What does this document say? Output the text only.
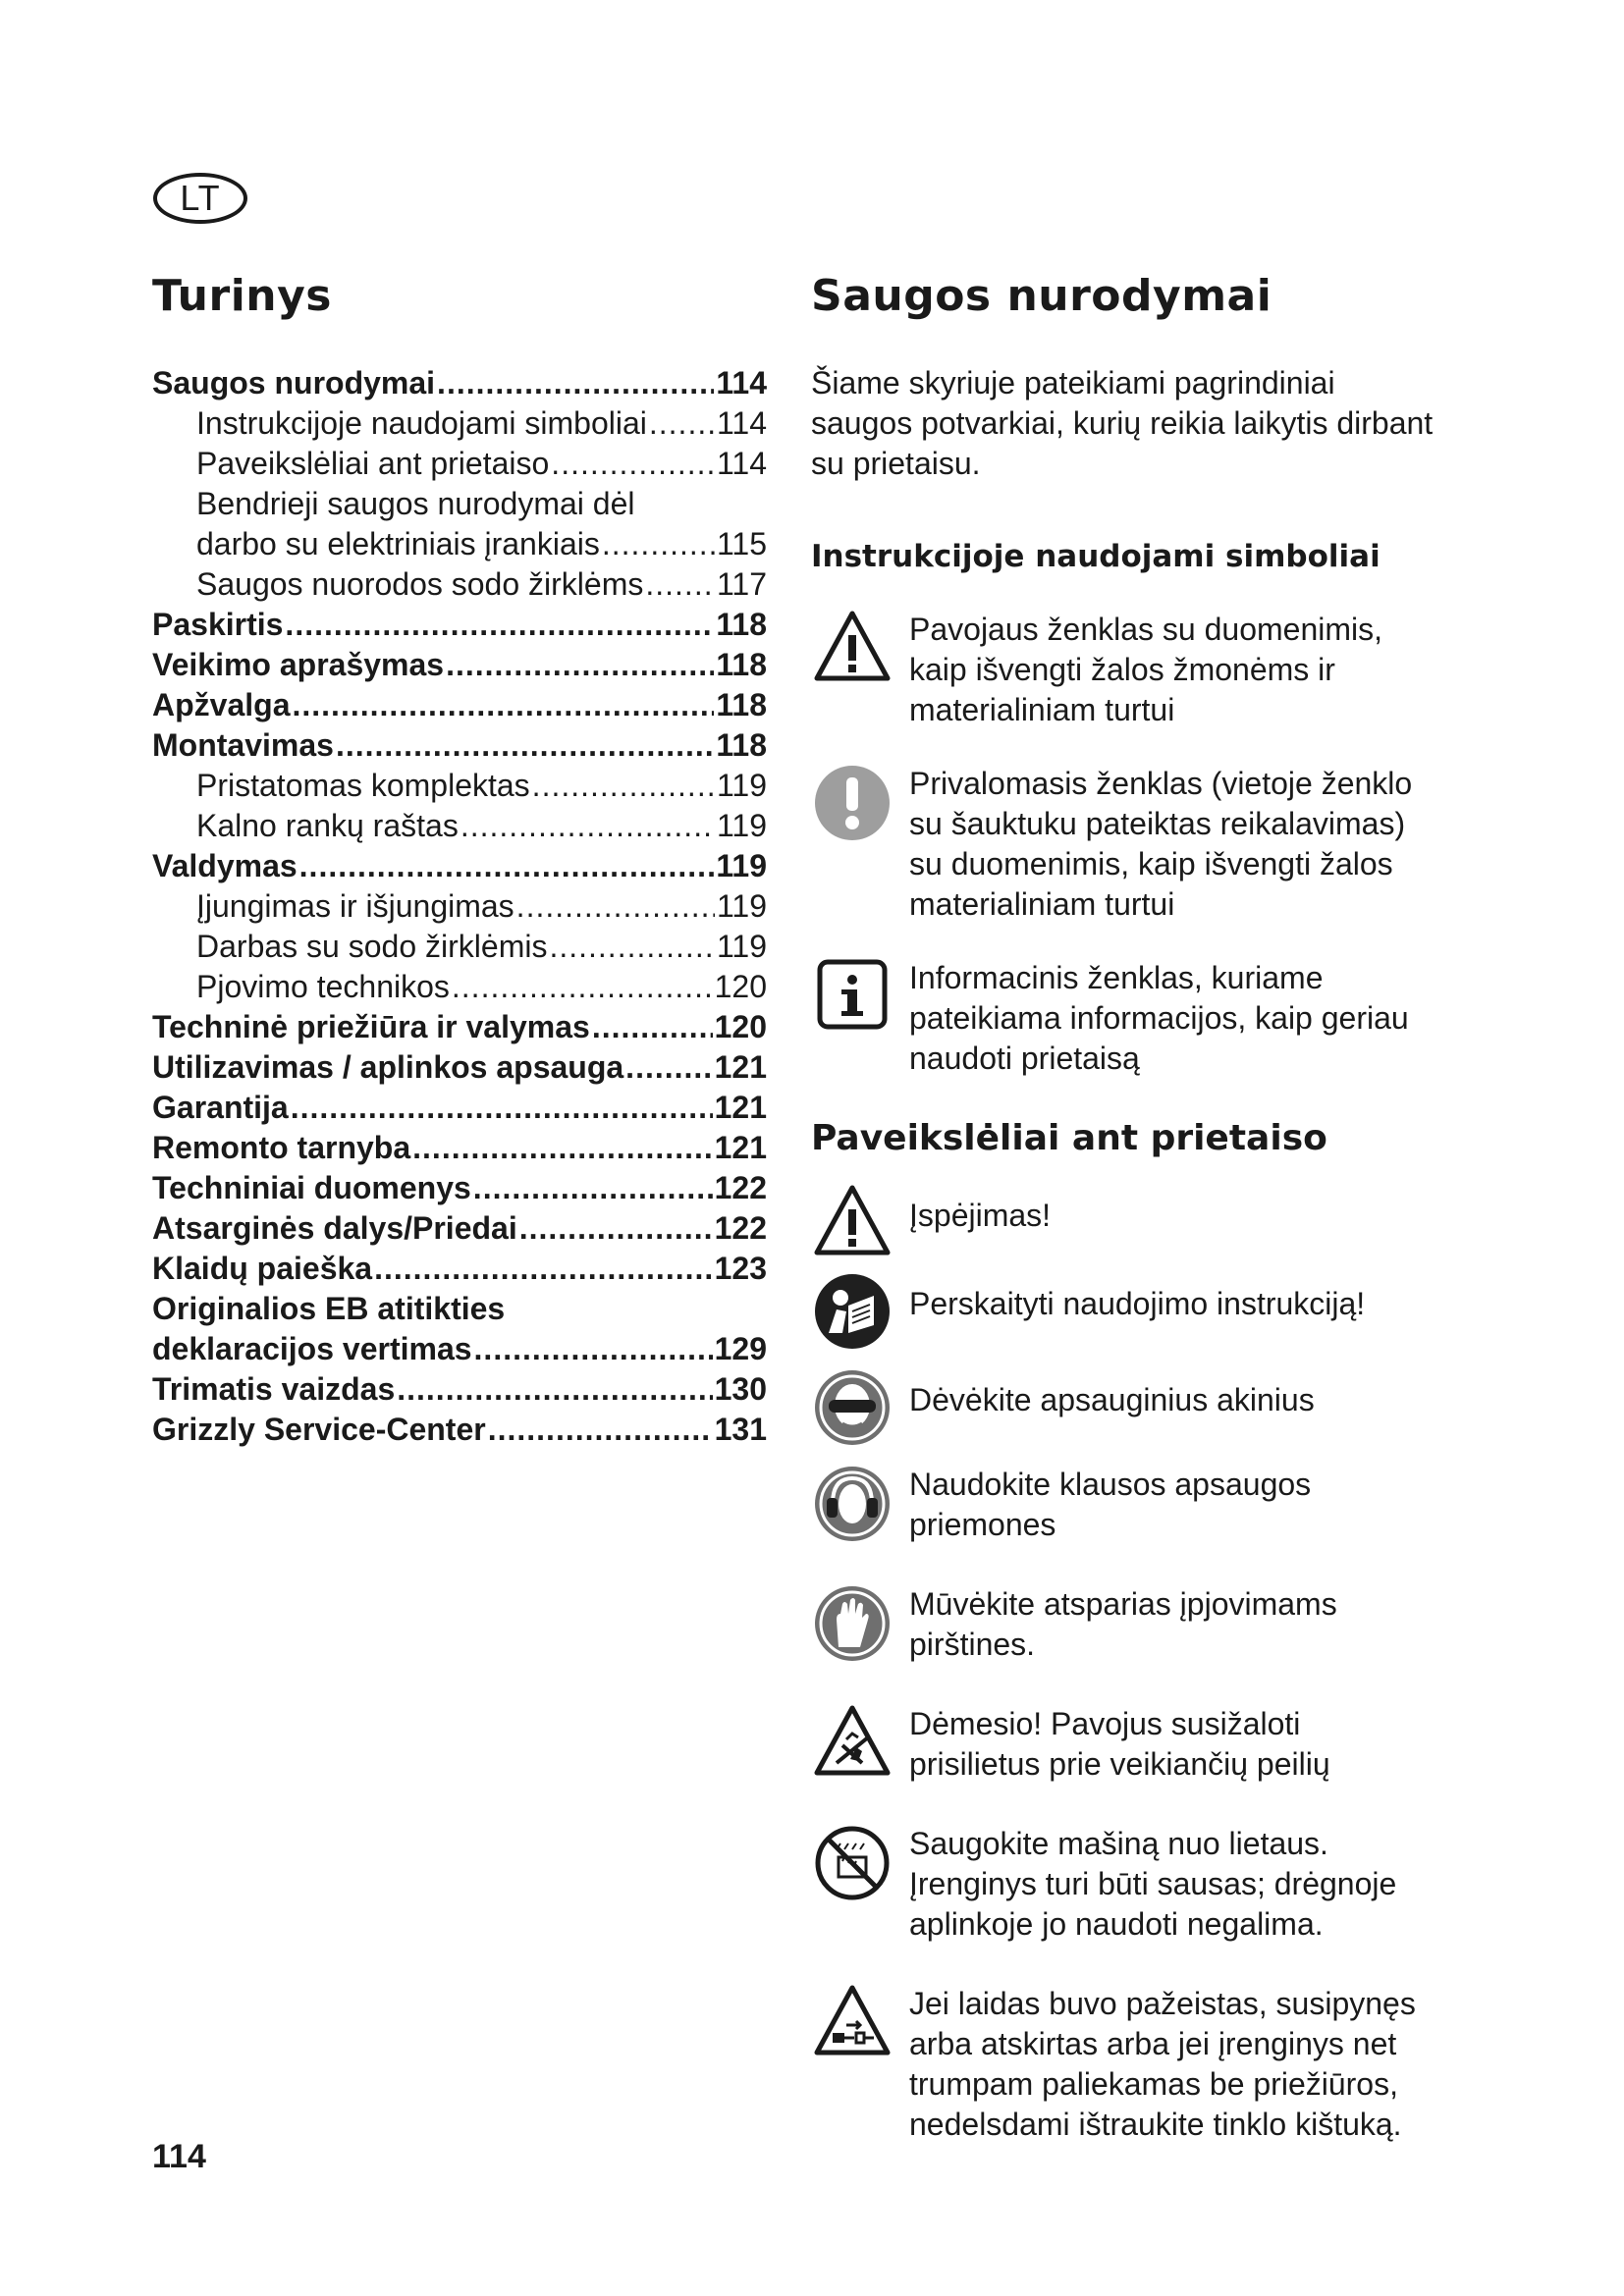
LT
Turinys	Saugos nurodymai
Saugos nurodymai .....	114
Instrukcijoje naudojami simboliai ..... 114
Paveikslėliai ant prietaiso .....	114
Bendrieji saugos nurodymai dėl
darbo su elektriniais įrankiais .....	115
Saugos nuorodos sodo žirklėms ..... 117
Paskirtis .....	118
Veikimo aprašymas .....	118
Apžvalga .....	118
Montavimas .....	118
Pristatomas komplektas .....	119
Kalno rankų raštas .....	119
Valdymas .....	119
Įjungimas ir išjungimas .....	119
Darbas su sodo žirklėmis .....	119
Pjovimo technikos .....	120
Techninė priežiūra ir valymas .....	120
Utilizavimas / aplinkos apsauga .....	121
Garantija .....	121
Remonto tarnyba .....	121
Techniniai duomenys .....	122
Atsarginės dalys/Priedai .....	122
Klaidų paieška .....	123
Originalios EB atitikties
deklaracijos vertimas .....	129
Trimatis vaizdas .....	130
Grizzly Service-Center .....	131

Šiame skyriuje pateikiami pagrindiniai saugos potvarkiai, kurių reikia laikytis dirbant su prietaisu.

Instrukcijoje naudojami simboliai
Pavojaus ženklas su duomenimis, kaip išvengti žalos žmonėms ir materialiniam turtui
Privalomasis ženklas (vietoje ženklo su šauktuku pateiktas reikalavimas) su duomenimis, kaip išvengti žalos materialiniam turtui
Informacinis ženklas, kuriame pateikiama informacijos, kaip geriau naudoti prietaisą
Paveikslėliai ant prietaiso
Įspėjimas!
Perskaityti naudojimo instrukciją!
Dėvėkite apsauginius akinius
Naudokite klausos apsaugos priemones
Mūvėkite atsparias įpjovimams pirštines.
Dėmesio! Pavojus susižaloti prisilietus prie veikiančių peilių
Saugokite mašiną nuo lietaus. Įrenginys turi būti sausas; drėgnoje aplinkoje jo naudoti negalima.
Jei laidas buvo pažeistas, susipynęs arba atskirtas arba jei įrenginys net trumpam paliekamas be priežiūros, nedelsdami ištraukite tinklo kištuką.
114
